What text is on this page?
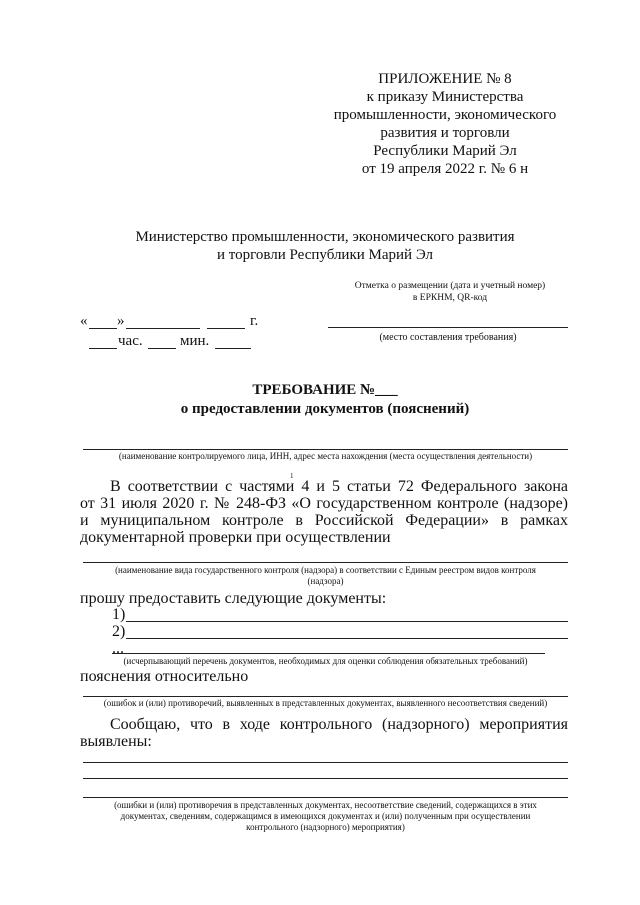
ПРИЛОЖЕНИЕ № 8
к приказу Министерства
промышленности, экономического
развития и торговли
Республики Марий Эл
от 19 апреля 2022 г. № 6 н
Министерство промышленности, экономического развития
и торговли Республики Марий Эл
Отметка о размещении (дата и учетный номер)
в ЕРКНМ, QR-код
« »	г.
час. мин.	(место составления требования)
ТРЕБОВАНИЕ №___
о предоставлении документов (пояснений)
(наименование контролируемого лица, ИНН, адрес места нахождения (места осуществления деятельности)
1
В соответствии с частями 4 и 5 статьи 72 Федерального закона
от 31 июля 2020 г. № 248-ФЗ «О государственном контроле (надзоре)
и муниципальном контроле в Российской Федерации» в рамках
документарной проверки при осуществлении
(наименование вида государственного контроля (надзора) в соответствии с Единым реестром видов контроля
(надзора)
прошу предоставить следующие документы:
1)
2)
...
(исчерпывающий перечень документов, необходимых для оценки соблюдения обязательных требований)
пояснения относительно
(ошибок и (или) противоречий, выявленных в представленных документах, выявленного несоответствия сведений)
Сообщаю, что в ходе контрольного (надзорного) мероприятия
выявлены:
(ошибки и (или) противоречия в представленных документах, несоответствие сведений, содержащихся в этих
документах, сведениям, содержащимся в имеющихся документах и (или) полученным при осуществлении
контрольного (надзорного) мероприятия)
